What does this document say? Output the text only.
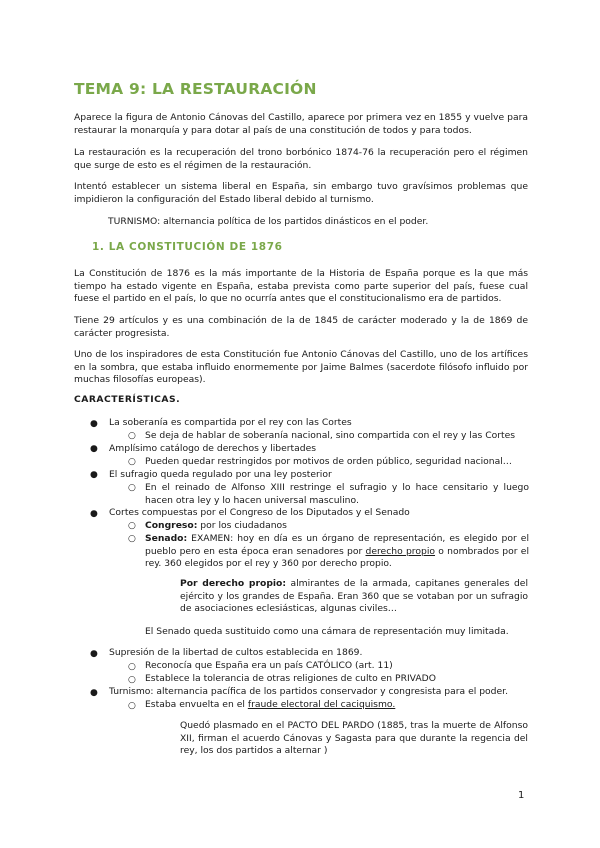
TEMA 9: LA RESTAURACIÓN

Aparece la figura de Antonio Cánovas del Castillo, aparece por primera vez en 1855 y vuelve para restaurar la monarquía y para dotar al país de una constitución de todos y para todos.

La restauración es la recuperación del trono borbónico 1874-76 la recuperación pero el régimen que surge de esto es el régimen de la restauración.

Intentó establecer un sistema liberal en España, sin embargo tuvo gravísimos problemas que impidieron la configuración del Estado liberal debido al turnismo.

TURNISMO: alternancia política de los partidos dinásticos en el poder.

1. LA CONSTITUCIÓN DE 1876

La Constitución de 1876 es la más importante de la Historia de España porque es la que más tiempo ha estado vigente en España, estaba prevista como parte superior del país, fuese cual fuese el partido en el país, lo que no ocurría antes que el constitucionalismo era de partidos.

Tiene 29 artículos y es una combinación de la de 1845 de carácter moderado y la de 1869 de carácter progresista.

Uno de los inspiradores de esta Constitución fue Antonio Cánovas del Castillo, uno de los artífices en la sombra, que estaba influido enormemente por Jaime Balmes (sacerdote filósofo influido por muchas filosofías europeas).

CARACTERÍSTICAS.
● La soberanía es compartida por el rey con las Cortes

○ Se deja de hablar de soberanía nacional, sino compartida con el rey y las Cortes

● Amplísimo catálogo de derechos y libertades

○ Pueden quedar restringidos por motivos de orden público, seguridad nacional…

● El sufragio queda regulado por una ley posterior

○ En el reinado de Alfonso XIII restringe el sufragio y lo hace censitario y luego hacen otra ley y lo hacen universal masculino.

● Cortes compuestas por el Congreso de los Diputados y el Senado

○ Congreso: por los ciudadanos

○ Senado: EXAMEN: hoy en día es un órgano de representación, es elegido por el pueblo pero en esta época eran senadores por derecho propio o nombrados por el rey. 360 elegidos por el rey y 360 por derecho propio.

Por derecho propio: almirantes de la armada, capitanes generales del ejército y los grandes de España. Eran 360 que se votaban por un sufragio de asociaciones eclesiásticas, algunas civiles…

El Senado queda sustituido como una cámara de representación muy limitada.

● Supresión de la libertad de cultos establecida en 1869.

○ Reconocía que España era un país CATÓLICO (art. 11)

○ Establece la tolerancia de otras religiones de culto en PRIVADO

● Turnismo: alternancia pacífica de los partidos conservador y congresista para el poder.

○ Estaba envuelta en el fraude electoral del caciquismo.

Quedó plasmado en el PACTO DEL PARDO (1885, tras la muerte de Alfonso XII, firman el acuerdo Cánovas y Sagasta para que durante la regencia del rey, los dos partidos a alternar )

1
